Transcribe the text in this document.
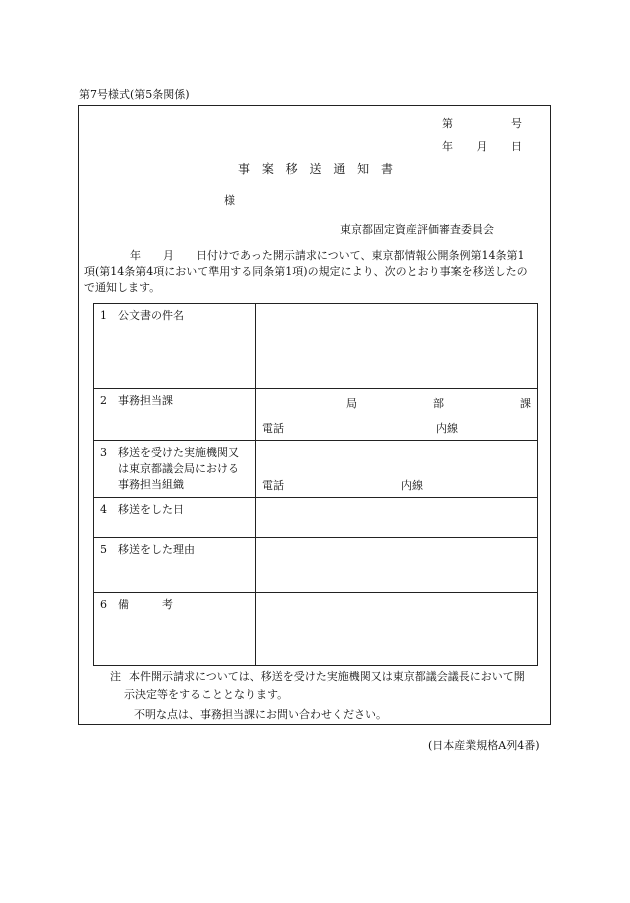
第7号様式(第5条関係)
第	号
年 月 日
事 案 移 送 通 知 書
様
東京都固定資産評価審査委員会
年 月 日付けであった開示請求について、東京都情報公開条例第14条第1
項(第14条第4項において準用する同条第1項)の規定により、次のとおり事案を移送したの
で通知します。
1 公文書の件名	
2 事務担当課	局 部 課
電話 内線

3 移送を受けた実施機関又は東京都議会局における事務担当組織	電話 内線

4 移送をした日	
5 移送をした理由	
6 備　　　考	
注 本件開示請求については、移送を受けた実施機関又は東京都議会議長において開
示決定等をすることとなります。
不明な点は、事務担当課にお問い合わせください。
(日本産業規格A列4番)
